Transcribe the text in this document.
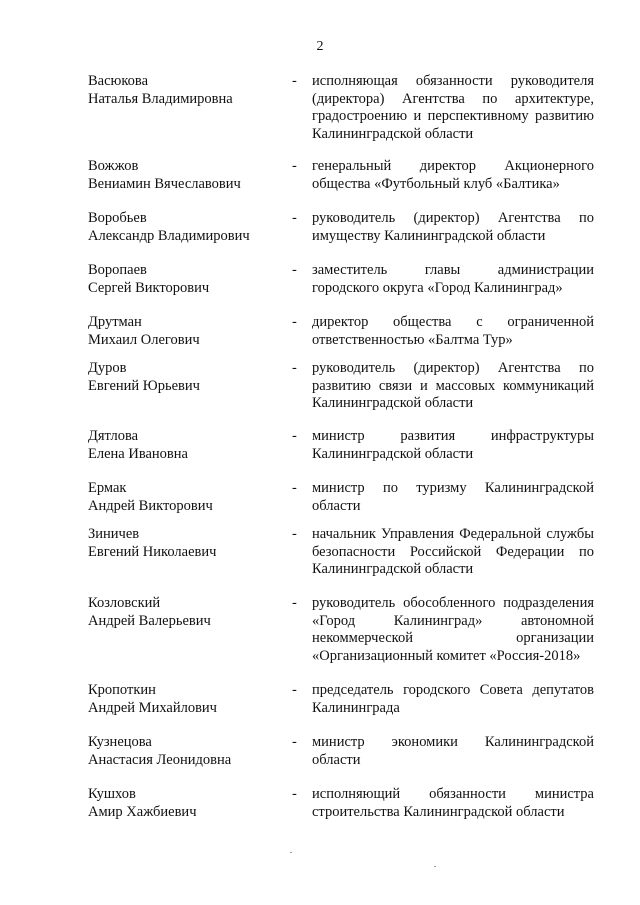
2
Васюкова
Наталья Владимировна
- исполняющая обязанности руководителя
(директора) Агентства по архитектуре,
градостроению и перспективному развитию
Калининградской области
Вожжов
Вениамин Вячеславович
- генеральный директор Акционерного
общества «Футбольный клуб «Балтика»
Воробьев
Александр Владимирович
- руководитель (директор) Агентства по
имуществу Калининградской области
Воропаев
Сергей Викторович
- заместитель главы администрации
городского округа «Город Калининград»
Друтман
Михаил Олегович
- директор общества с ограниченной
ответственностью «Балтма Тур»
Дуров
Евгений Юрьевич
- руководитель (директор) Агентства по
развитию связи и массовых коммуникаций
Калининградской области
Дятлова
Елена Ивановна
- министр развития инфраструктуры
Калининградской области
Ермак
Андрей Викторович
- министр по туризму Калининградской
области
Зиничев
Евгений Николаевич
- начальник Управления Федеральной службы
безопасности Российской Федерации по
Калининградской области
Козловский
Андрей Валерьевич
- руководитель обособленного подразделения
«Город Калининград» автономной
некоммерческой организации
«Организационный комитет «Россия-2018»
Кропоткин
Андрей Михайлович
- председатель городского Совета депутатов
Калининграда
Кузнецова
Анастасия Леонидовна
- министр экономики Калининградской
области
Кушхов
Амир Хажбиевич
- исполняющий обязанности министра
строительства Калининградской области
